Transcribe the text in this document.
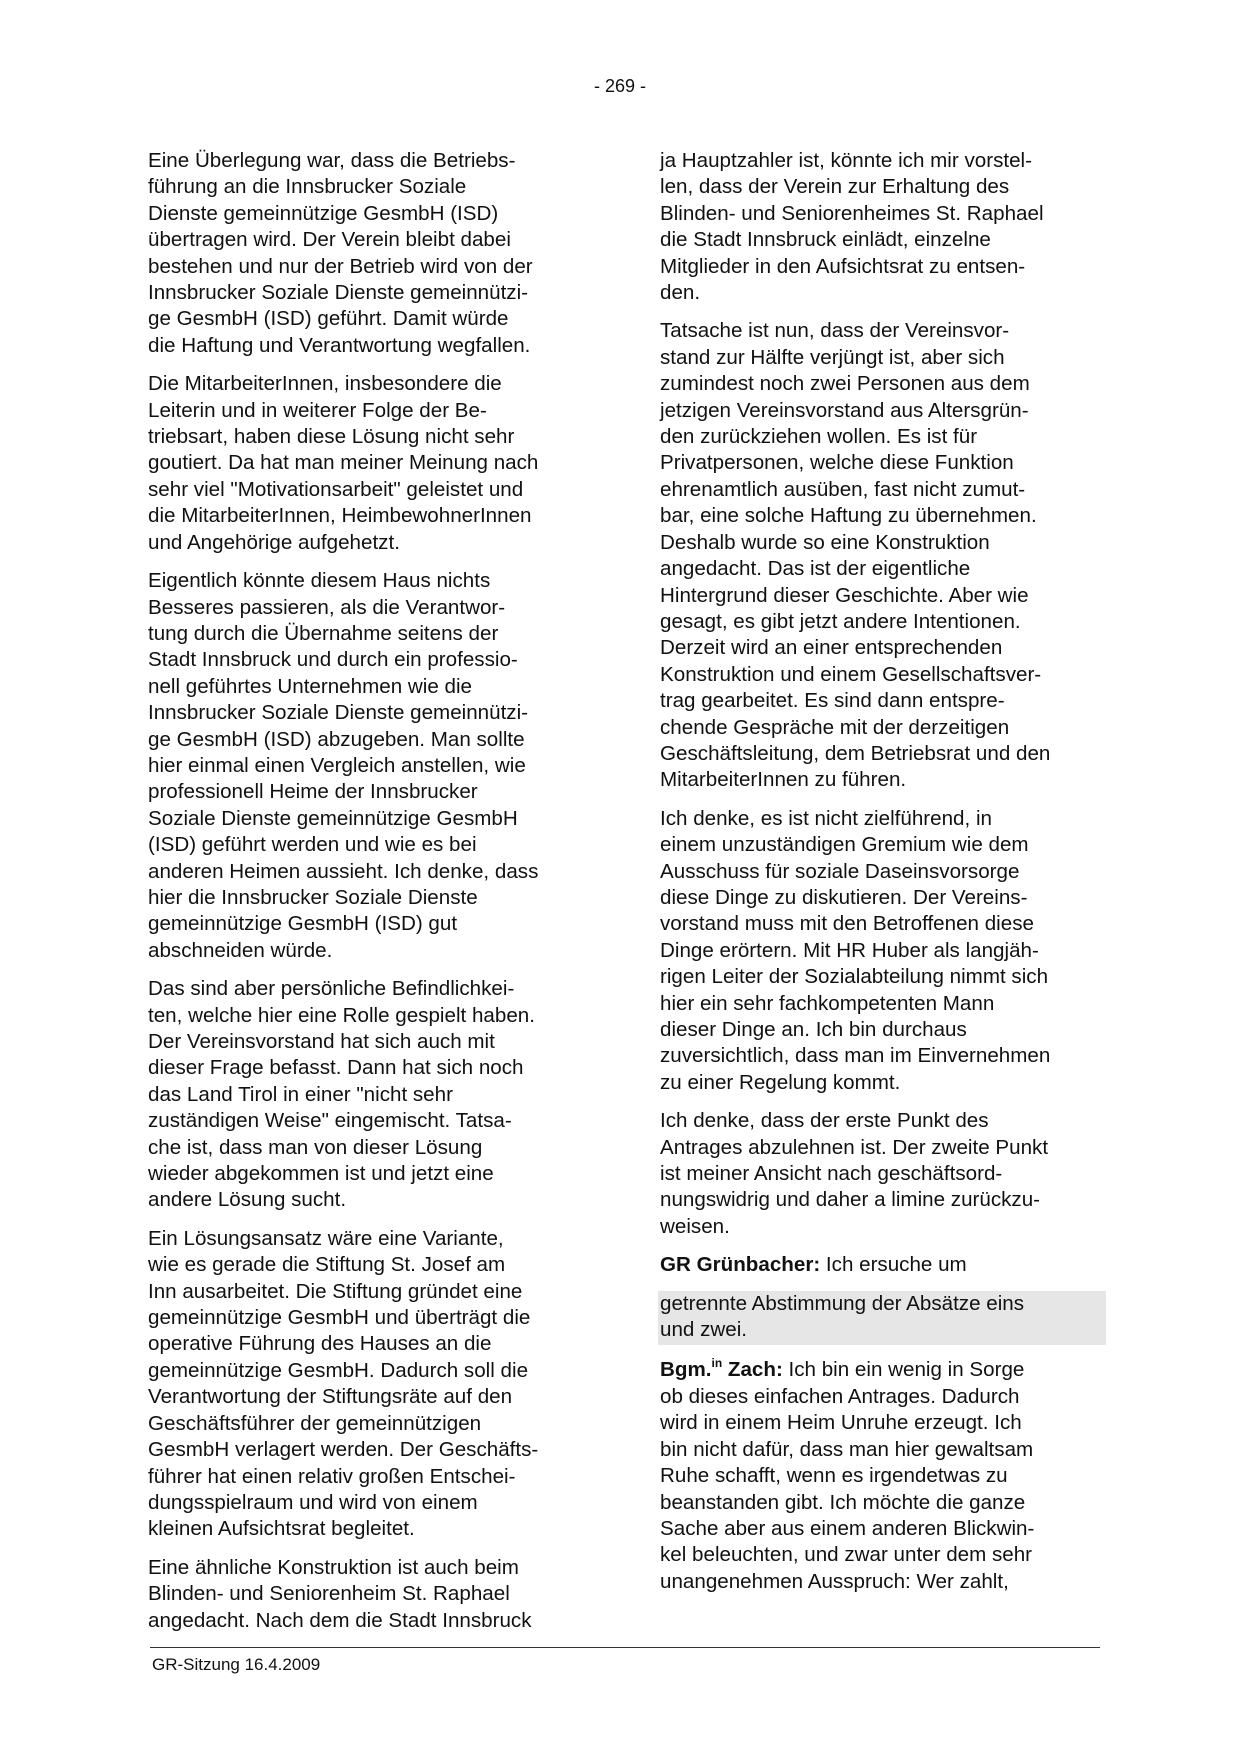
- 269 -
Eine Überlegung war, dass die Betriebs-
führung an die Innsbrucker Soziale
Dienste gemeinnützige GesmbH (ISD)
übertragen wird. Der Verein bleibt dabei
bestehen und nur der Betrieb wird von der
Innsbrucker Soziale Dienste gemeinnützi-
ge GesmbH (ISD) geführt. Damit würde
die Haftung und Verantwortung wegfallen.
Die MitarbeiterInnen, insbesondere die
Leiterin und in weiterer Folge der Be-
triebsart, haben diese Lösung nicht sehr
goutiert. Da hat man meiner Meinung nach
sehr viel "Motivationsarbeit" geleistet und
die MitarbeiterInnen, HeimbewohnerInnen
und Angehörige aufgehetzt.
Eigentlich könnte diesem Haus nichts
Besseres passieren, als die Verantwor-
tung durch die Übernahme seitens der
Stadt Innsbruck und durch ein professio-
nell geführtes Unternehmen wie die
Innsbrucker Soziale Dienste gemeinnützi-
ge GesmbH (ISD) abzugeben. Man sollte
hier einmal einen Vergleich anstellen, wie
professionell Heime der Innsbrucker
Soziale Dienste gemeinnützige GesmbH
(ISD) geführt werden und wie es bei
anderen Heimen aussieht. Ich denke, dass
hier die Innsbrucker Soziale Dienste
gemeinnützige GesmbH (ISD) gut
abschneiden würde.
Das sind aber persönliche Befindlichkei-
ten, welche hier eine Rolle gespielt haben.
Der Vereinsvorstand hat sich auch mit
dieser Frage befasst. Dann hat sich noch
das Land Tirol in einer "nicht sehr
zuständigen Weise" eingemischt. Tatsa-
che ist, dass man von dieser Lösung
wieder abgekommen ist und jetzt eine
andere Lösung sucht.
Ein Lösungsansatz wäre eine Variante,
wie es gerade die Stiftung St. Josef am
Inn ausarbeitet. Die Stiftung gründet eine
gemeinnützige GesmbH und überträgt die
operative Führung des Hauses an die
gemeinnützige GesmbH. Dadurch soll die
Verantwortung der Stiftungsräte auf den
Geschäftsführer der gemeinnützigen
GesmbH verlagert werden. Der Geschäfts-
führer hat einen relativ großen Entschei-
dungsspielraum und wird von einem
kleinen Aufsichtsrat begleitet.
Eine ähnliche Konstruktion ist auch beim
Blinden- und Seniorenheim St. Raphael
angedacht. Nach dem die Stadt Innsbruck
ja Hauptzahler ist, könnte ich mir vorstel-
len, dass der Verein zur Erhaltung des
Blinden- und Seniorenheimes St. Raphael
die Stadt Innsbruck einlädt, einzelne
Mitglieder in den Aufsichtsrat zu entsen-
den.
Tatsache ist nun, dass der Vereinsvor-
stand zur Hälfte verjüngt ist, aber sich
zumindest noch zwei Personen aus dem
jetzigen Vereinsvorstand aus Altersgrün-
den zurückziehen wollen. Es ist für
Privatpersonen, welche diese Funktion
ehrenamtlich ausüben, fast nicht zumut-
bar, eine solche Haftung zu übernehmen.
Deshalb wurde so eine Konstruktion
angedacht. Das ist der eigentliche
Hintergrund dieser Geschichte. Aber wie
gesagt, es gibt jetzt andere Intentionen.
Derzeit wird an einer entsprechenden
Konstruktion und einem Gesellschaftsver-
trag gearbeitet. Es sind dann entspre-
chende Gespräche mit der derzeitigen
Geschäftsleitung, dem Betriebsrat und den
MitarbeiterInnen zu führen.
Ich denke, es ist nicht zielführend, in
einem unzuständigen Gremium wie dem
Ausschuss für soziale Daseinsvorsorge
diese Dinge zu diskutieren. Der Vereins-
vorstand muss mit den Betroffenen diese
Dinge erörtern. Mit HR Huber als langjäh-
rigen Leiter der Sozialabteilung nimmt sich
hier ein sehr fachkompetenten Mann
dieser Dinge an. Ich bin durchaus
zuversichtlich, dass man im Einvernehmen
zu einer Regelung kommt.
Ich denke, dass der erste Punkt des
Antrages abzulehnen ist. Der zweite Punkt
ist meiner Ansicht nach geschäftsord-
nungswidrig und daher a limine zurückzu-
weisen.
GR Grünbacher: Ich ersuche um
getrennte Abstimmung der Absätze eins
und zwei.
Bgm.$^{in}$ Zach: Ich bin ein wenig in Sorge
ob dieses einfachen Antrages. Dadurch
wird in einem Heim Unruhe erzeugt. Ich
bin nicht dafür, dass man hier gewaltsam
Ruhe schafft, wenn es irgendetwas zu
beanstanden gibt. Ich möchte die ganze
Sache aber aus einem anderen Blickwin-
kel beleuchten, und zwar unter dem sehr
unangenehmen Ausspruch: Wer zahlt,
GR-Sitzung 16.4.2009
